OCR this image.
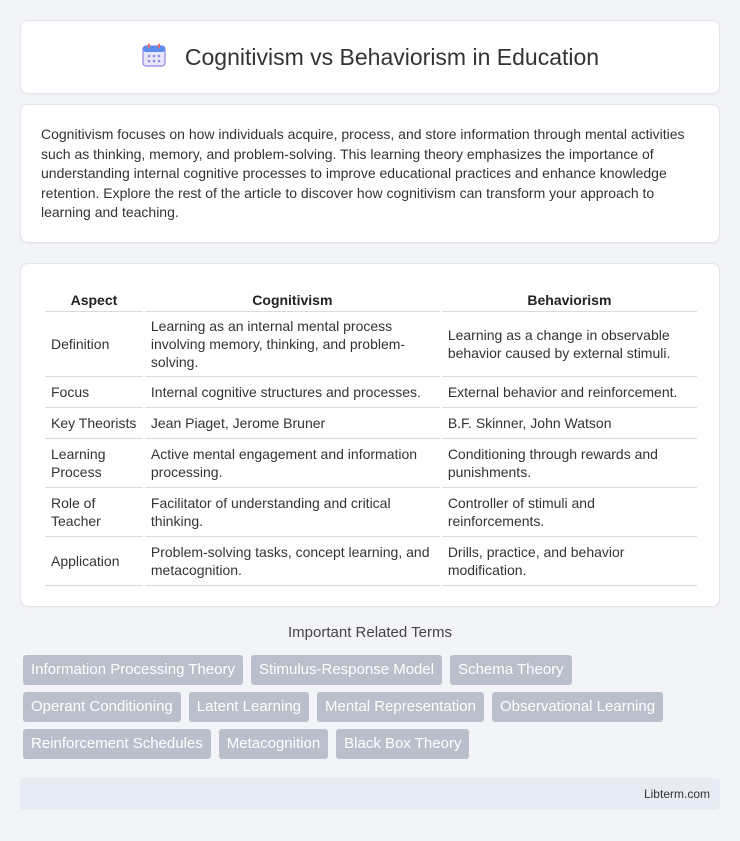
Cognitivism vs Behaviorism in Education

Cognitivism focuses on how individuals acquire, process, and store information through mental activities such as thinking, memory, and problem-solving. This learning theory emphasizes the importance of understanding internal cognitive processes to improve educational practices and enhance knowledge retention. Explore the rest of the article to discover how cognitivism can transform your approach to learning and teaching.

Aspect	Cognitivism	Behaviorism
Definition	Learning as an internal mental process involving memory, thinking, and problem-solving.	Learning as a change in observable behavior caused by external stimuli.
Focus	Internal cognitive structures and processes.	External behavior and reinforcement.
Key Theorists	Jean Piaget, Jerome Bruner	B.F. Skinner, John Watson
Learning Process	Active mental engagement and information processing.	Conditioning through rewards and punishments.
Role of Teacher	Facilitator of understanding and critical thinking.	Controller of stimuli and reinforcements.
Application	Problem-solving tasks, concept learning, and metacognition.	Drills, practice, and behavior modification.
Important Related Terms
Information Processing Theory	Stimulus-Response Model	Schema Theory
Operant Conditioning	Latent Learning	Mental Representation	Observational Learning
Reinforcement Schedules	Metacognition	Black Box Theory
Libterm.com
